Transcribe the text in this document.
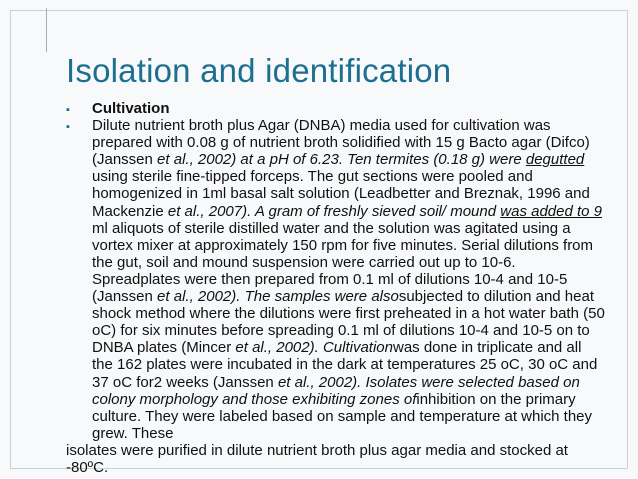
Isolation and identification
▪ Cultivation
▪ Dilute nutrient broth plus Agar (DNBA) media used for cultivation was prepared with 0.08 g of nutrient broth solidified with 15 g Bacto agar (Difco) (Janssen et al., 2002) at a pH of 6.23. Ten termites (0.18 g) were degutted using sterile fine-tipped forceps. The gut sections were pooled and homogenized in 1ml basal salt solution (Leadbetter and Breznak, 1996 and Mackenzie et al., 2007). A gram of freshly sieved soil/ mound was added to 9 ml aliquots of sterile distilled water and the solution was agitated using a vortex mixer at approximately 150 rpm for five minutes. Serial dilutions from the gut, soil and mound suspension were carried out up to 10-6. Spreadplates were then prepared from 0.1 ml of dilutions 10-4 and 10-5 (Janssen et al., 2002). The samples were alsosubjected to dilution and heat shock method where the dilutions were first preheated in a hot water bath (50 oC) for six minutes before spreading 0.1 ml of dilutions 10-4 and 10-5 on to DNBA plates (Mincer et al., 2002). Cultivationwas done in triplicate and all the 162 plates were incubated in the dark at temperatures 25 oC, 30 oC and 37 oC for2 weeks (Janssen et al., 2002). Isolates were selected based on colony morphology and those exhibiting zones ofinhibition on the primary culture. They were labeled based on sample and temperature at which they grew. These
isolates were purified in dilute nutrient broth plus agar media and stocked at -80ºC.
